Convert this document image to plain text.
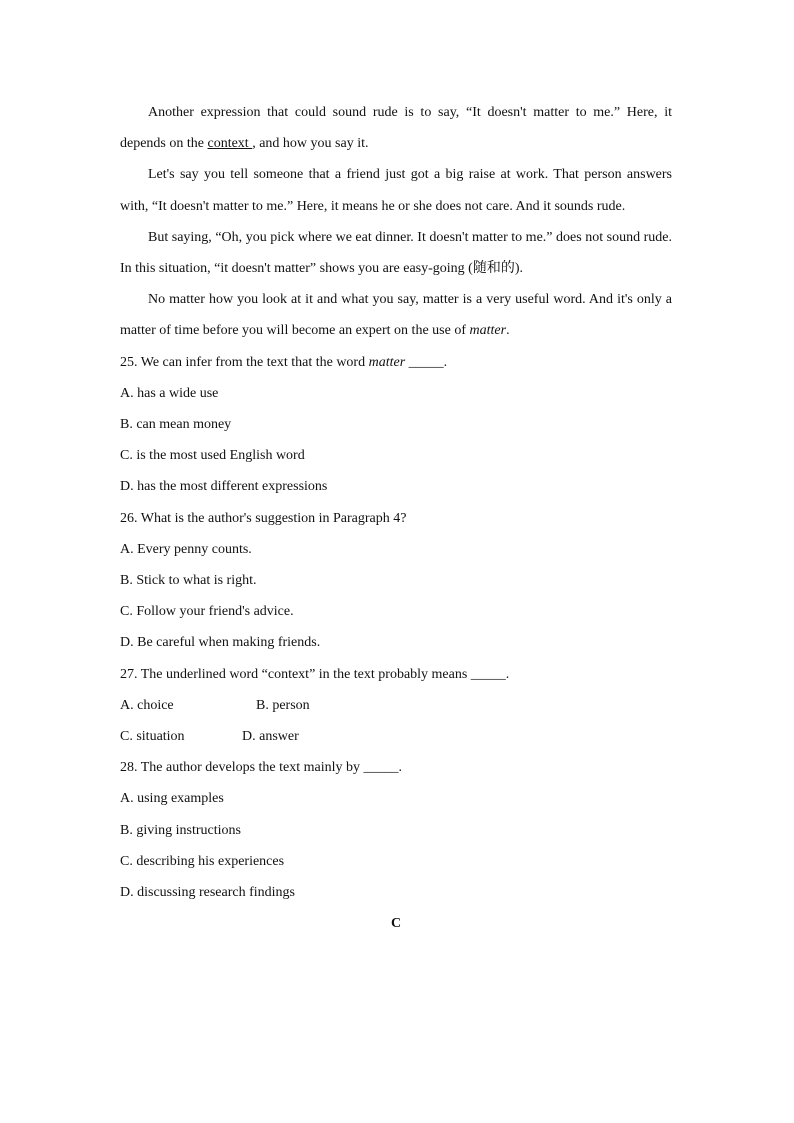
Another expression that could sound rude is to say, “It doesn't matter to me.” Here, it depends on the context , and how you say it.

Let's say you tell someone that a friend just got a big raise at work. That person answers with, “It doesn't matter to me.” Here, it means he or she does not care. And it sounds rude.

But saying, “Oh, you pick where we eat dinner. It doesn't matter to me.” does not sound rude. In this situation, “it doesn't matter” shows you are easy-going (随和的).

No matter how you look at it and what you say, matter is a very useful word. And it's only a matter of time before you will become an expert on the use of matter.

25. We can infer from the text that the word matter _____.

A. has a wide use

B. can mean money

C. is the most used English word

D. has the most different expressions

26. What is the author's suggestion in Paragraph 4?

A. Every penny counts.

B. Stick to what is right.

C. Follow your friend's advice.

D. Be careful when making friends.

27. The underlined word “context” in the text probably means _____.

A. choice	B. person
C. situation	D. answer

28. The author develops the text mainly by _____.

A. using examples

B. giving instructions

C. describing his experiences

D. discussing research findings

C
